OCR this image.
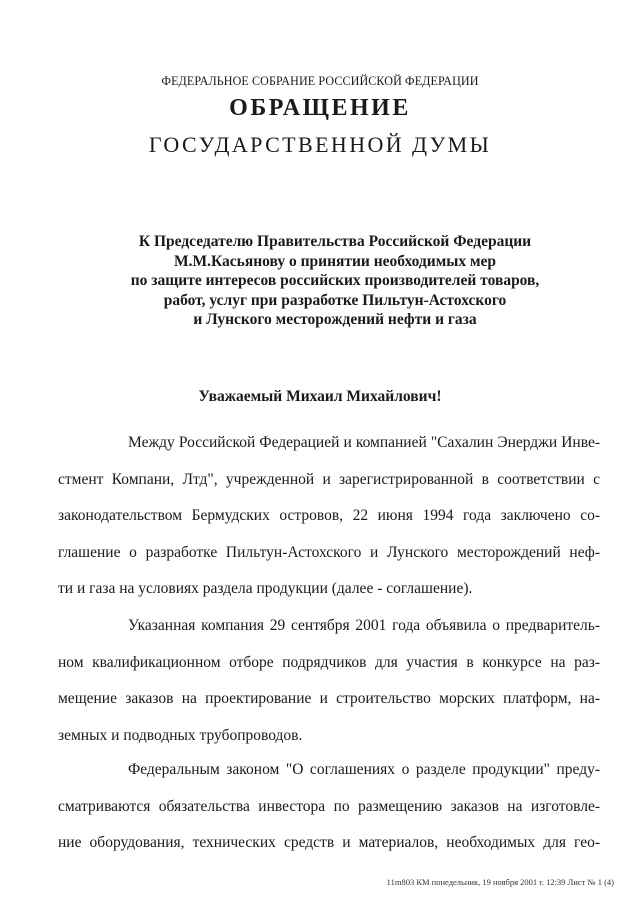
ФЕДЕРАЛЬНОЕ СОБРАНИЕ РОССИЙСКОЙ ФЕДЕРАЦИИ
ОБРАЩЕНИЕ
ГОСУДАРСТВЕННОЙ ДУМЫ
К Председателю Правительства Российской Федерации
М.М.Касьянову о принятии необходимых мер
по защите интересов российских производителей товаров,
работ, услуг при разработке Пильтун-Астохского
и Лунского месторождений нефти и газа
Уважаемый Михаил Михайлович!
Между Российской Федерацией и компанией "Сахалин Энерджи Инве-
стмент Компани, Лтд", учрежденной и зарегистрированной в соответствии с
законодательством Бермудских островов, 22 июня 1994 года заключено со-
глашение о разработке Пильтун-Астохского и Лунского месторождений неф-
ти и газа на условиях раздела продукции (далее - соглашение).
Указанная компания 29 сентября 2001 года объявила о предваритель-
ном квалификационном отборе подрядчиков для участия в конкурсе на раз-
мещение заказов на проектирование и строительство морских платформ, на-
земных и подводных трубопроводов.
Федеральным законом "О соглашениях о разделе продукции" преду-
сматриваются обязательства инвестора по размещению заказов на изготовле-
ние оборудования, технических средств и материалов, необходимых для гео-
11m803 КМ понедельник, 19 ноября 2001 г. 12:39 Лист № 1 (4)
